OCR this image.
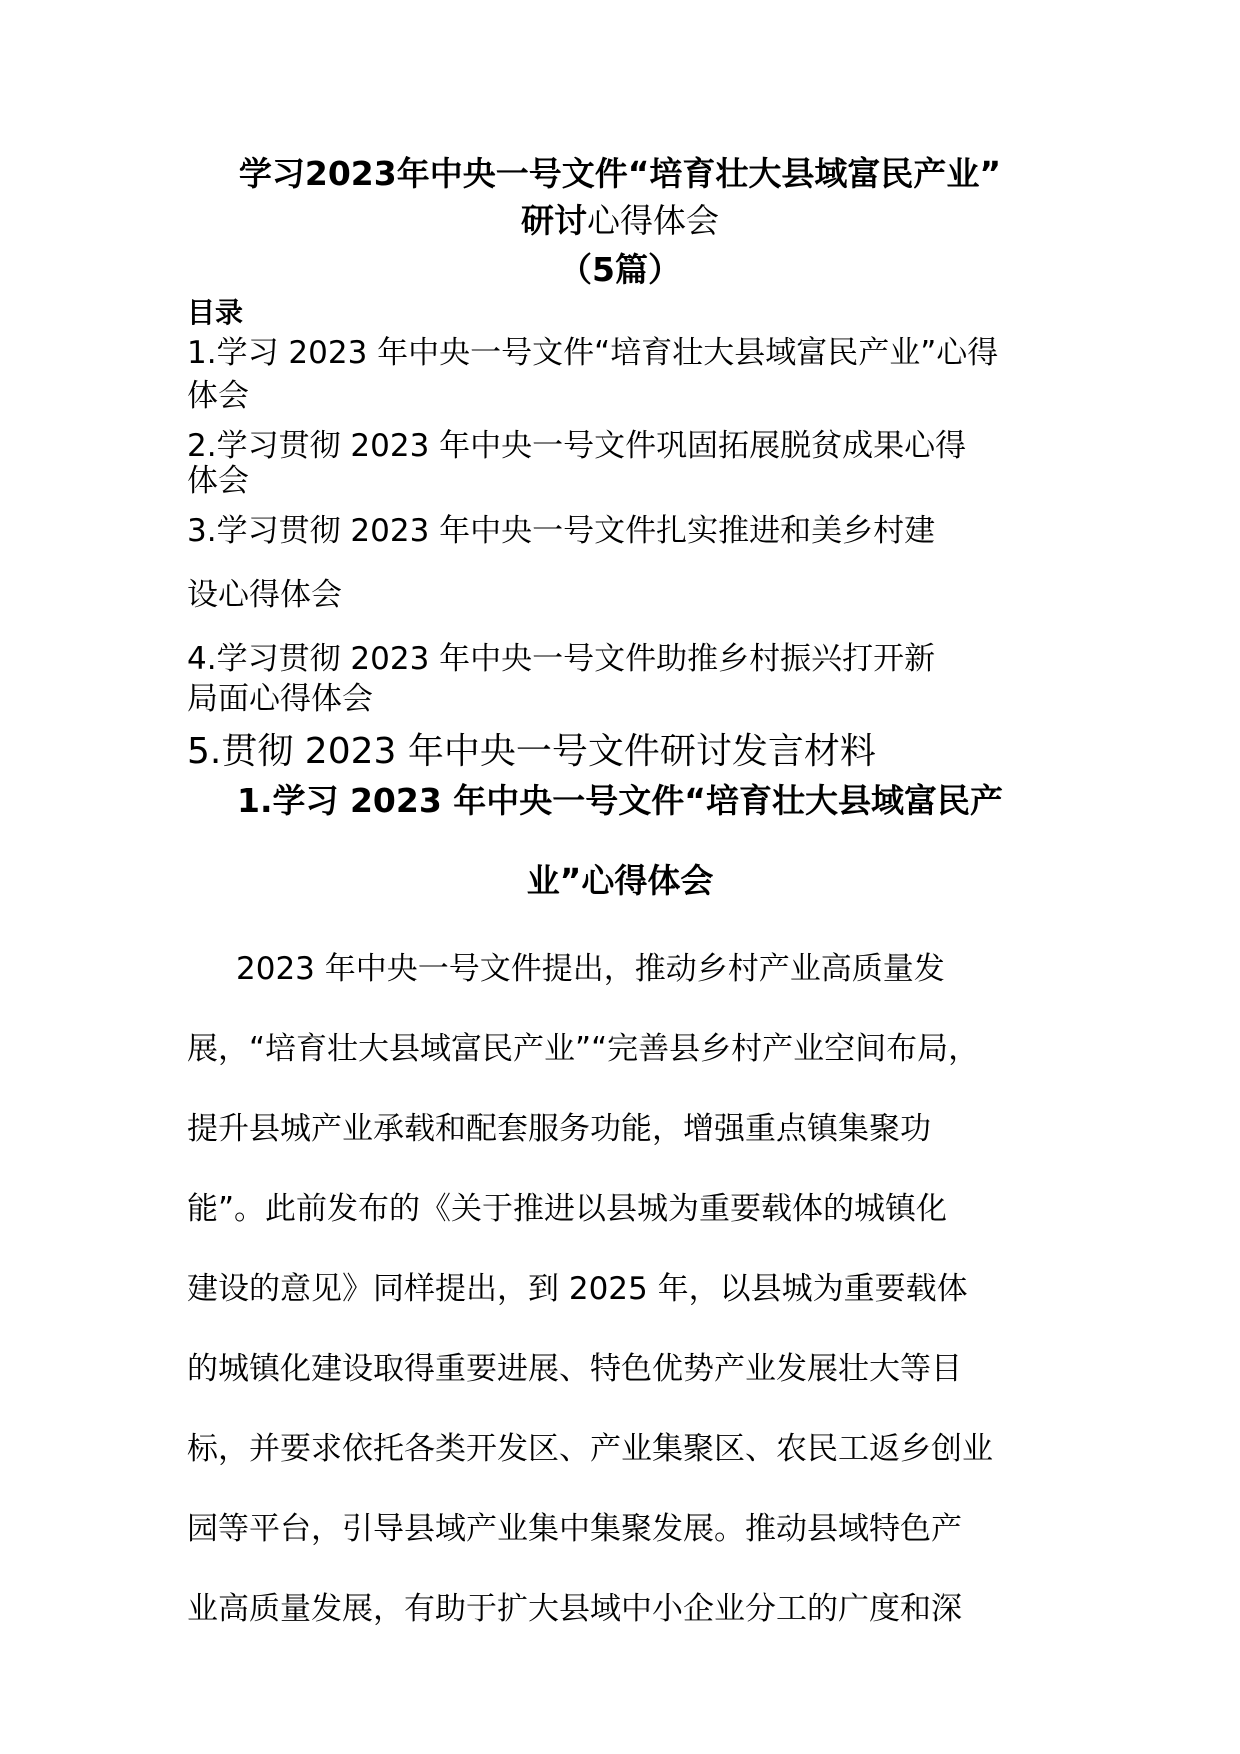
学习2023年中央一号文件“培育壮大县域富民产业”
研讨心得体会
（5篇）
目录
1.学习 2023 年中央一号文件“培育壮大县域富民产业”心得
体会
2.学习贯彻 2023 年中央一号文件巩固拓展脱贫成果心得
体会
3.学习贯彻 2023 年中央一号文件扎实推进和美乡村建
设心得体会
4.学习贯彻 2023 年中央一号文件助推乡村振兴打开新
局面心得体会
5.贯彻 2023 年中央一号文件研讨发言材料
1.学习 2023 年中央一号文件“培育壮大县域富民产
业”心得体会
2023 年中央一号文件提出，推动乡村产业高质量发
展，“培育壮大县域富民产业”“完善县乡村产业空间布局，
提升县城产业承载和配套服务功能，增强重点镇集聚功
能”。此前发布的《关于推进以县城为重要载体的城镇化
建设的意见》同样提出，到 2025 年，以县城为重要载体
的城镇化建设取得重要进展、特色优势产业发展壮大等目
标，并要求依托各类开发区、产业集聚区、农民工返乡创业
园等平台，引导县域产业集中集聚发展。推动县域特色产
业高质量发展，有助于扩大县域中小企业分工的广度和深
